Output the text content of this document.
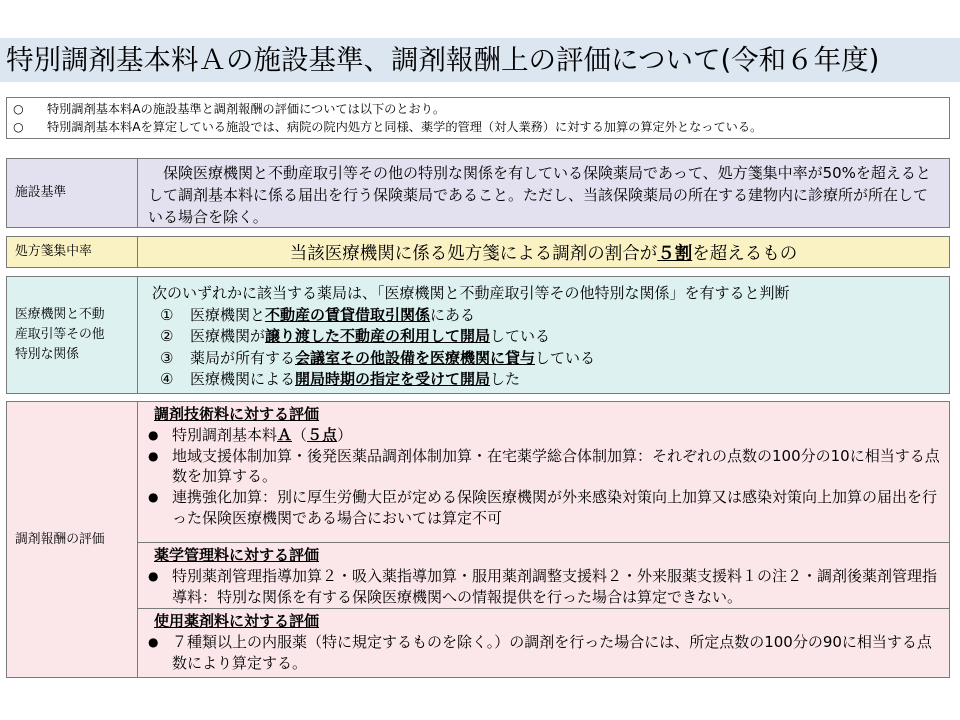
特別調剤基本料Ａの施設基準、調剤報酬上の評価について(令和６年度)
○	特別調剤基本料Aの施設基準と調剤報酬の評価については以下のとおり。
○	特別調剤基本料Aを算定している施設では、病院の院内処方と同様、薬学的管理（対人業務）に対する加算の算定外となっている。
施設基準
　保険医療機関と不動産取引等その他の特別な関係を有している保険薬局であって、処方箋集中率が50%を超えるとして調剤基本料に係る届出を行う保険薬局であること。ただし、当該保険薬局の所在する建物内に診療所が所在している場合を除く。
処方箋集中率	当該医療機関に係る処方箋による調剤の割合が ５割 を超えるもの
医療機関と不動
産取引等その他
特別な関係
次のいずれかに該当する薬局は、「医療機関と不動産取引等その他特別な関係」を有すると判断
① 医療機関と不動産の賃貸借取引関係にある
② 医療機関が譲り渡した不動産の利用して開局している
③ 薬局が所有する会議室その他設備を医療機関に貸与している
④ 医療機関による開局時期の指定を受けて開局した
調剤報酬の評価
調剤技術料に対する評価
● 特別調剤基本料Ａ（５点）
● 地域支援体制加算・後発医薬品調剤体制加算・在宅薬学総合体制加算：それぞれの点数の100分の10に相当する点数を加算する。
● 連携強化加算：別に厚生労働大臣が定める保険医療機関が外来感染対策向上加算又は感染対策向上加算の届出を行った保険医療機関である場合においては算定不可
薬学管理料に対する評価
● 特別薬剤管理指導加算２・吸入薬指導加算・服用薬剤調整支援料２・外来服薬支援料１の注２・調剤後薬剤管理指導料：特別な関係を有する保険医療機関への情報提供を行った場合は算定できない。
使用薬剤料に対する評価
● ７種類以上の内服薬（特に規定するものを除く。）の調剤を行った場合には、所定点数の100分の90に相当する点数により算定する。
